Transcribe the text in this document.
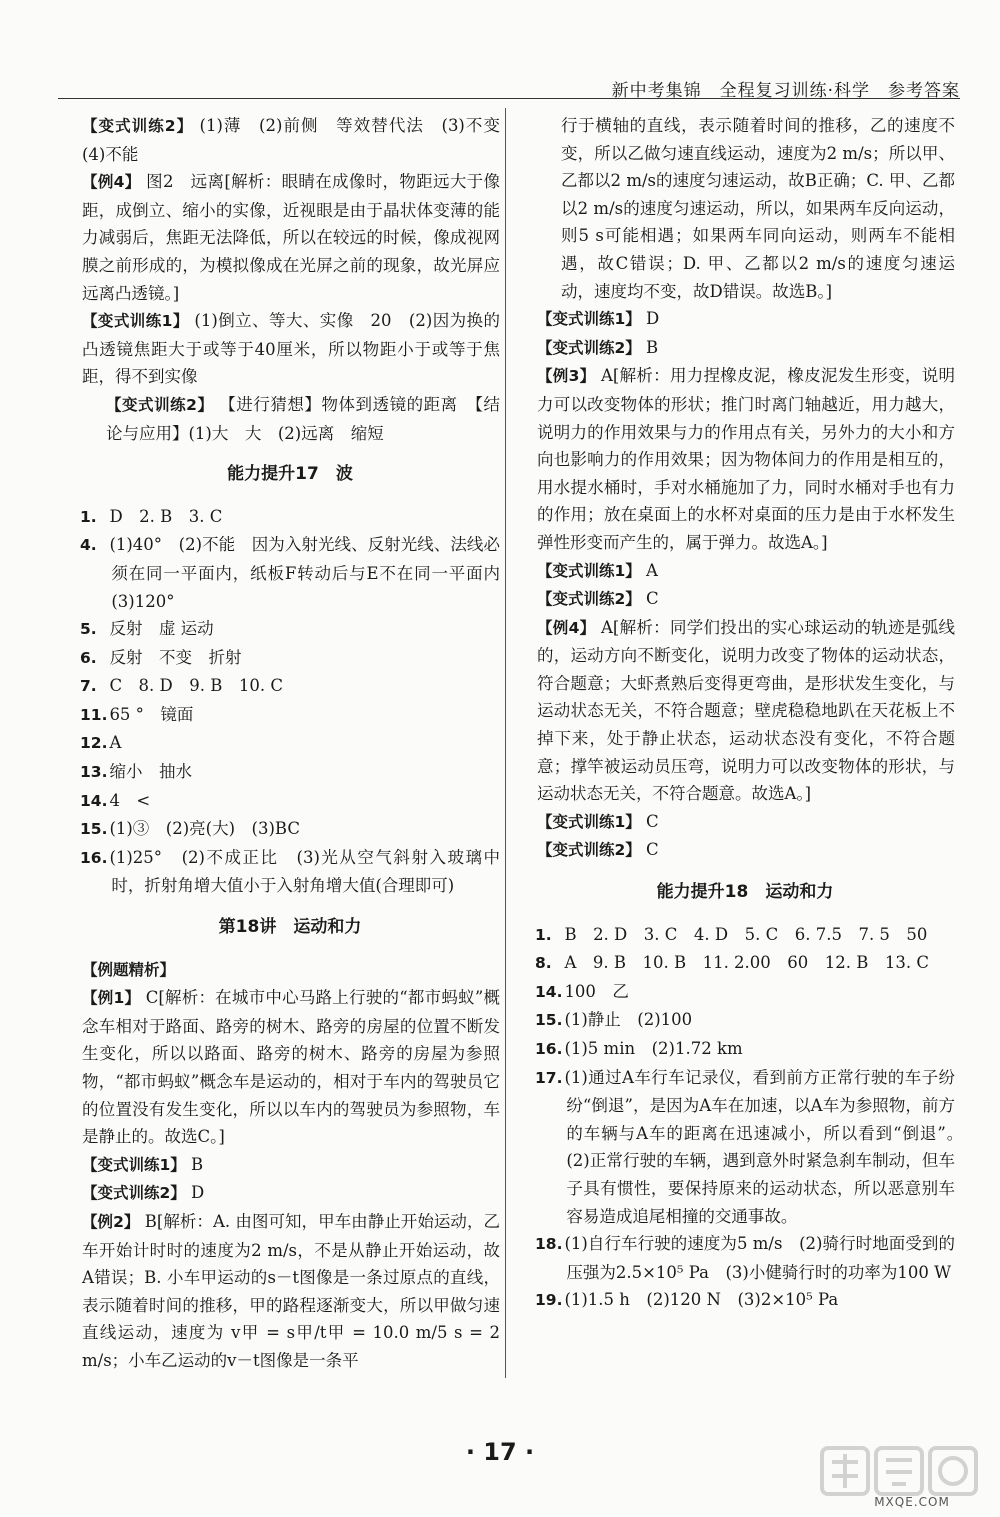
新中考集锦　全程复习训练·科学　参考答案

【变式训练2】 (1)薄　(2)前侧　等效替代法　(3)不变　(4)不能

【例4】 图2　远离[解析：眼睛在成像时，物距远大于像距，成倒立、缩小的实像，近视眼是由于晶状体变薄的能力减弱后，焦距无法降低，所以在较远的时候，像成视网膜之前形成的，为模拟像成在光屏之前的现象，故光屏应远离凸透镜。]

【变式训练1】 (1)倒立、等大、实像　20　(2)因为换的凸透镜焦距大于或等于40厘米，所以物距小于或等于焦距，得不到实像

【变式训练2】 【进行猜想】物体到透镜的距离　【结论与应用】(1)大　大　(2)远离　缩短

能力提升17　波

1. D　2. B　3. C

4. (1)40°　(2)不能　因为入射光线、反射光线、法线必须在同一平面内，纸板F转动后与E不在同一平面内　(3)120°

5. 反射　虚 运动

6. 反射　不变　折射

7. C　8. D　9. B　10. C

11. 65 °　镜面

12. A

13. 缩小　抽水

14. 4　<

15. (1)③　(2)亮(大)　(3)BC

16. (1)25°　(2)不成正比　(3)光从空气斜射入玻璃中时，折射角增大值小于入射角增大值(合理即可)

第18讲　运动和力

【例题精析】

【例1】 C[解析：在城市中心马路上行驶的“都市蚂蚁”概念车相对于路面、路旁的树木、路旁的房屋的位置不断发生变化，所以以路面、路旁的树木、路旁的房屋为参照物，“都市蚂蚁”概念车是运动的，相对于车内的驾驶员它的位置没有发生变化，所以以车内的驾驶员为参照物，车是静止的。故选C。]

【变式训练1】 B

【变式训练2】 D

【例2】 B[解析：A. 由图可知，甲车由静止开始运动，乙车开始计时时的速度为2 m/s，不是从静止开始运动，故A错误；B. 小车甲运动的s－t图像是一条过原点的直线，表示随着时间的推移，甲的路程逐渐变大，所以甲做匀速直线运动，速度为 v甲 = s甲/t甲 = 10.0 m/5 s = 2 m/s；小车乙运动的v－t图像是一条平

行于横轴的直线，表示随着时间的推移，乙的速度不变，所以乙做匀速直线运动，速度为2 m/s；所以甲、乙都以2 m/s的速度匀速运动，故B正确；C. 甲、乙都以2 m/s的速度匀速运动，所以，如果两车反向运动，则5 s可能相遇；如果两车同向运动，则两车不能相遇，故C错误；D. 甲、乙都以2 m/s的速度匀速运动，速度均不变，故D错误。故选B。]

【变式训练1】 D

【变式训练2】 B

【例3】 A[解析：用力捏橡皮泥，橡皮泥发生形变，说明力可以改变物体的形状；推门时离门轴越近，用力越大，说明力的作用效果与力的作用点有关，另外力的大小和方向也影响力的作用效果；因为物体间力的作用是相互的，用水提水桶时，手对水桶施加了力，同时水桶对手也有力的作用；放在桌面上的水杯对桌面的压力是由于水杯发生弹性形变而产生的，属于弹力。故选A。]

【变式训练1】 A

【变式训练2】 C

【例4】 A[解析：同学们投出的实心球运动的轨迹是弧线的，运动方向不断变化，说明力改变了物体的运动状态，符合题意；大虾煮熟后变得更弯曲，是形状发生变化，与运动状态无关，不符合题意；壁虎稳稳地趴在天花板上不掉下来，处于静止状态，运动状态没有变化，不符合题意；撑竿被运动员压弯，说明力可以改变物体的形状，与运动状态无关，不符合题意。故选A。]

【变式训练1】 C

【变式训练2】 C

能力提升18　运动和力

1. B　2. D　3. C　4. D　5. C　6. 7.5　7. 5　50

8. A　9. B　10. B　11. 2.00　60　12. B　13. C

14. 100　乙

15. (1)静止　(2)100

16. (1)5 min　(2)1.72 km

17. (1)通过A车行车记录仪，看到前方正常行驶的车子纷纷“倒退”，是因为A车在加速，以A车为参照物，前方的车辆与A车的距离在迅速减小，所以看到“倒退”。　(2)正常行驶的车辆，遇到意外时紧急刹车制动，但车子具有惯性，要保持原来的运动状态，所以恶意别车容易造成追尾相撞的交通事故。

18. (1)自行车行驶的速度为5 m/s　(2)骑行时地面受到的压强为2.5×10⁵ Pa　(3)小健骑行时的功率为100 W

19. (1)1.5 h　(2)120 N　(3)2×10⁵ Pa

· 17 ·
MXQE.COM
